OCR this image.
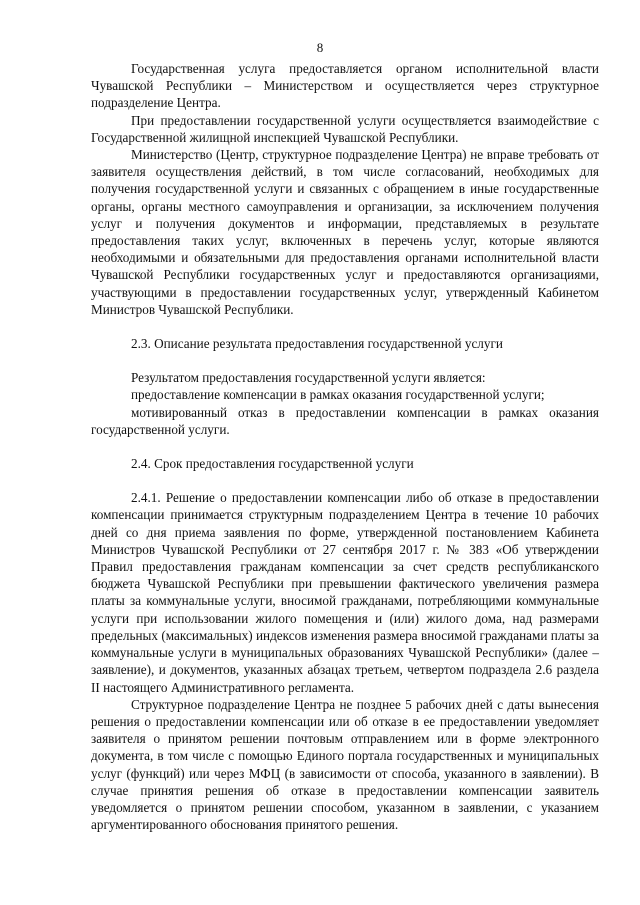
8

Государственная услуга предоставляется органом исполнительной власти Чувашской Республики – Министерством и осуществляется через структурное подразделение Центра.

При предоставлении государственной услуги осуществляется взаимодействие с Государственной жилищной инспекцией Чувашской Республики.

Министерство (Центр, структурное подразделение Центра) не вправе требовать от заявителя осуществления действий, в том числе согласований, необходимых для получения государственной услуги и связанных с обращением в иные государственные органы, органы местного самоуправления и организации, за исключением получения услуг и получения документов и информации, представляемых в результате предоставления таких услуг, включенных в перечень услуг, которые являются необходимыми и обязательными для предоставления органами исполнительной власти Чувашской Республики государственных услуг и предоставляются организациями, участвующими в предоставлении государственных услуг, утвержденный Кабинетом Министров Чувашской Республики.

2.3. Описание результата предоставления государственной услуги

Результатом предоставления государственной услуги является:

предоставление компенсации в рамках оказания государственной услуги;

мотивированный отказ в предоставлении компенсации в рамках оказания государственной услуги.

2.4. Срок предоставления государственной услуги

2.4.1. Решение о предоставлении компенсации либо об отказе в предоставлении компенсации принимается структурным подразделением Центра в течение 10 рабочих дней со дня приема заявления по форме, утвержденной постановлением Кабинета Министров Чувашской Республики от 27 сентября 2017 г. № 383 «Об утверждении Правил предоставления гражданам компенсации за счет средств республиканского бюджета Чувашской Республики при превышении фактического увеличения размера платы за коммунальные услуги, вносимой гражданами, потребляющими коммунальные услуги при использовании жилого помещения и (или) жилого дома, над размерами предельных (максимальных) индексов изменения размера вносимой гражданами платы за коммунальные услуги в муниципальных образованиях Чувашской Республики» (далее – заявление), и документов, указанных абзацах третьем, четвертом подраздела 2.6 раздела II настоящего Административного регламента.

Структурное подразделение Центра не позднее 5 рабочих дней с даты вынесения решения о предоставлении компенсации или об отказе в ее предоставлении уведомляет заявителя о принятом решении почтовым отправлением или в форме электронного документа, в том числе с помощью Единого портала государственных и муниципальных услуг (функций) или через МФЦ (в зависимости от способа, указанного в заявлении). В случае принятия решения об отказе в предоставлении компенсации заявитель уведомляется о принятом решении способом, указанном в заявлении, с указанием аргументированного обоснования принятого решения.
